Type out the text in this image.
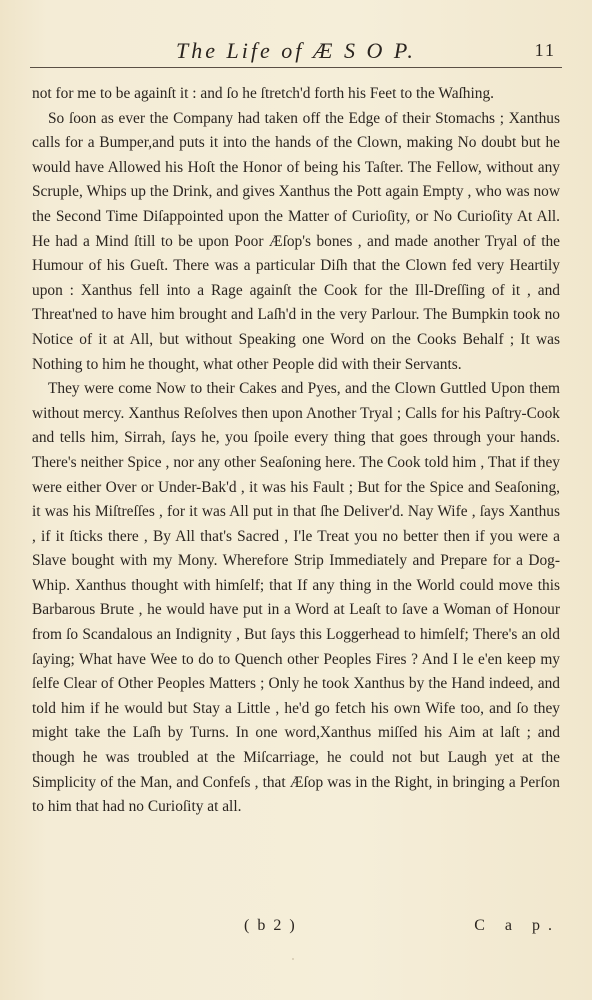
The Life of Æ S O P.	11

not for me to be againſt it : and ſo he ſtretch'd forth his Feet to the Waſhing.

So ſoon as ever the Company had taken off the Edge of their Stomachs ; Xanthus calls for a Bumper,and puts it into the hands of the Clown, making No doubt but he would have Allowed his Hoſt the Honor of being his Taſter. The Fellow, without any Scruple, Whips up the Drink, and gives Xanthus the Pott again Empty , who was now the Second Time Diſappointed upon the Matter of Curioſity, or No Curioſity At All. He had a Mind ſtill to be upon Poor Æſop's bones , and made another Tryal of the Humour of his Gueſt. There was a particular Diſh that the Clown fed very Heartily upon : Xanthus fell into a Rage againſt the Cook for the Ill-Dreſſing of it , and Threat'ned to have him brought and Laſh'd in the very Parlour. The Bumpkin took no Notice of it at All, but without Speaking one Word on the Cooks Behalf ; It was Nothing to him he thought, what other People did with their Servants.

They were come Now to their Cakes and Pyes, and the Clown Guttled Upon them without mercy. Xanthus Reſolves then upon Another Tryal ; Calls for his Paſtry-Cook and tells him, Sirrah, ſays he, you ſpoile every thing that goes through your hands. There's neither Spice , nor any other Seaſoning here. The Cook told him , That if they were either Over or Under-Bak'd , it was his Fault ; But for the Spice and Seaſoning, it was his Miſtreſſes , for it was All put in that ſhe Deliver'd. Nay Wife , ſays Xanthus , if it ſticks there , By All that's Sacred , I'le Treat you no better then if you were a Slave bought with my Mony. Wherefore Strip Immediately and Prepare for a Dog-Whip. Xanthus thought with himſelf; that If any thing in the World could move this Barbarous Brute , he would have put in a Word at Leaſt to ſave a Woman of Honour from ſo Scandalous an Indignity , But ſays this Loggerhead to himſelf; There's an old ſaying; What have Wee to do to Quench other Peoples Fires ? And I le e'en keep my ſelfe Clear of Other Peoples Matters ; Only he took Xanthus by the Hand indeed, and told him if he would but Stay a Little , he'd go fetch his own Wife too, and ſo they might take the Laſh by Turns. In one word,Xanthus miſſed his Aim at laſt ; and though he was troubled at the Miſcarriage, he could not but Laugh yet at the Simplicity of the Man, and Confeſs , that Æſop was in the Right, in bringing a Perſon to him that had no Curioſity at all.

( b 2 )	C a p.
